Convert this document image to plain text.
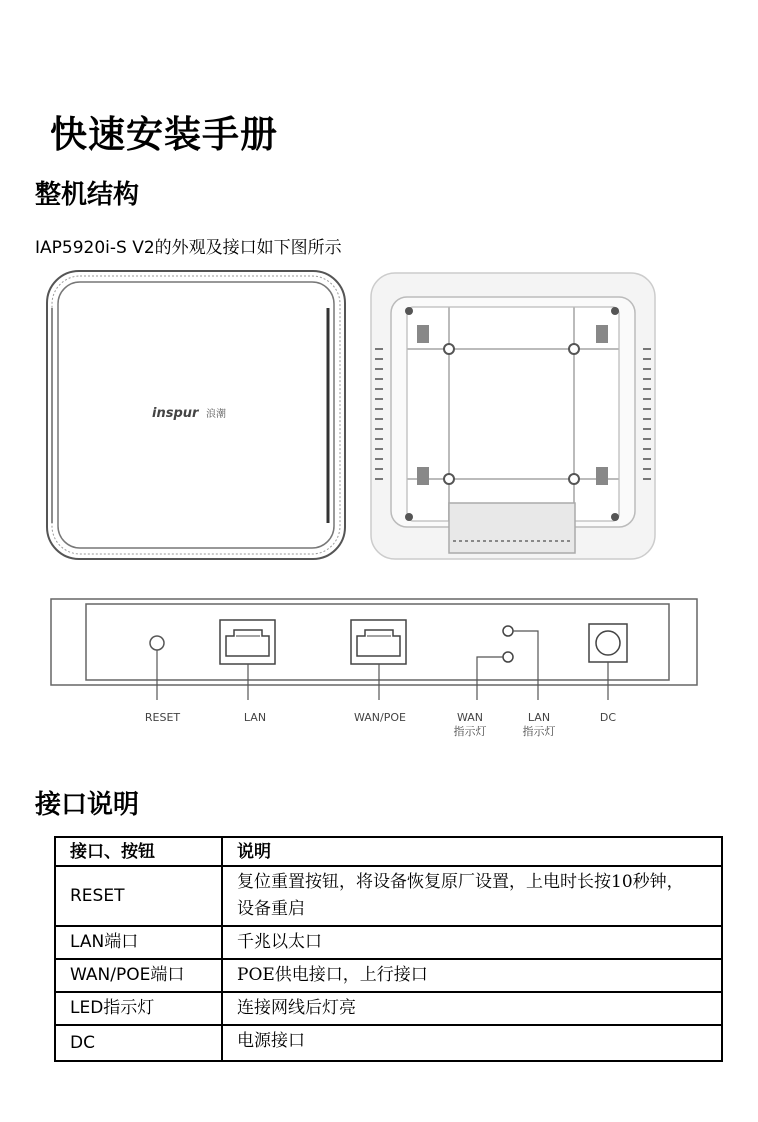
快速安装手册
整机结构
IAP5920i-S V2的外观及接口如下图所示
inspur 浪潮
RESET	LAN	WAN/POE	WAN
指示灯
LAN
指示灯
DC
接口说明
接口、按钮	说明
RESET	复位重置按钮，将设备恢复原厂设置，上电时长按10秒钟，设备重启
LAN端口	千兆以太口
WAN/POE端口	POE供电接口，上行接口
LED指示灯	连接网线后灯亮
DC	电源接口
